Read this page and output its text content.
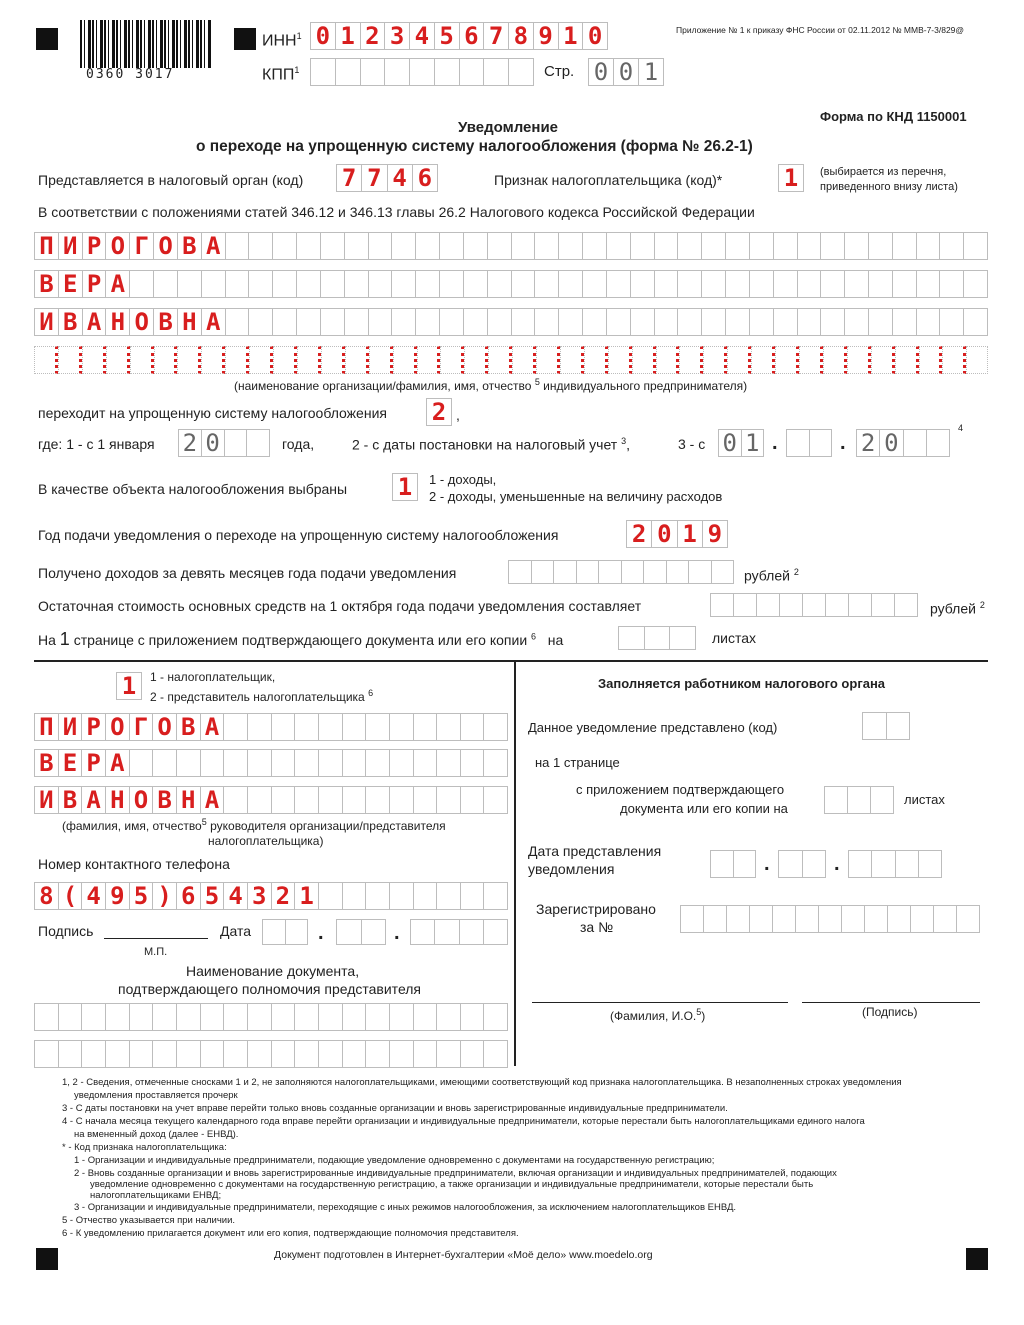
0360 3017
ИНН$^1$ 0 1 2 3 4 5 6 7 8 9 1 0
КПП$^1$	Стр. 0 0 1
Приложение № 1 к приказу ФНС России от 02.11.2012 № ММВ-7-3/829@
Форма по КНД 1150001
Уведомление
о переходе на упрощенную систему налогообложения (форма № 26.2-1)
Представляется в налоговый орган (код) 7 7 4 6	Признак налогоплательщика (код)*	1	(выбирается из перечня,
приведенного внизу листа)
В соответствии с положениями статей 346.12 и 346.13 главы 26.2 Налогового кодекса Российской Федерации
П И Р О Г О В А
В Е Р А
И В А Н О В Н А
(наименование организации/фамилия, имя, отчество $^5$ индивидуального предпринимателя)
переходит на упрощенную систему налогообложения 2 ,
где: 1 - с 1 января 2 0	года,	2 - с даты постановки на налоговый учет $^3$,	3 - с 0 1 .	. 2 0
4
В качестве объекта налогообложения выбраны 1	1 - доходы,
2 - доходы, уменьшенные на величину расходов
Год подачи уведомления о переходе на упрощенную систему налогообложения	2 0 1 9
Получено доходов за девять месяцев года подачи уведомления	рублей $^2$
Остаточная стоимость основных средств на 1 октября года подачи уведомления составляет	рублей $^2$
На 1 странице с приложением подтверждающего документа или его копии $^6$ на	листах
1	1 - налогоплательщик,
2 - представитель налогоплательщика $^6$
П И Р О Г О В А
В Е Р А
И В А Н О В Н А
(фамилия, имя, отчество$^5$ руководителя организации/представителя
налогоплательщика)
Номер контактного телефона
8 ( 4 9 5 ) 6 5 4 3 2 1
Подпись	Дата	.	.
М.П.
Наименование документа,
подтверждающего полномочия представителя
Заполняется работником налогового органа
Данное уведомление представлено (код)
на 1 странице
с приложением подтверждающего
документа или его копии на
листах
Дата представления
уведомления	.	.
Зарегистрировано
за №
(Фамилия, И.О.$^5$)	(Подпись)
1, 2 - Сведения, отмеченные сносками 1 и 2, не заполняются налогоплательщиками, имеющими соответствующий код признака налогоплательщика. В незаполненных строках уведомления
уведомления проставляется прочерк
3 - С даты постановки на учет вправе перейти только вновь созданные организации и вновь зарегистрированные индивидуальные предприниматели.
4 - С начала месяца текущего календарного года вправе перейти организации и индивидуальные предприниматели, которые перестали быть налогоплательщиками единого налога
на вмененный доход (далее - ЕНВД).
* - Код признака налогоплательщика:
1 - Организации и индивидуальные предприниматели, подающие уведомление одновременно с документами на государственную регистрацию;
2 - Вновь созданные организации и вновь зарегистрированные индивидуальные предприниматели, включая организации и индивидуальных предпринимателей, подающих
уведомление одновременно с документами на государственную регистрацию, а также организации и индивидуальные предприниматели, которые перестали быть
налогоплательщиками ЕНВД;
3 - Организации и индивидуальные предприниматели, переходящие с иных режимов налогообложения, за исключением налогоплательщиков ЕНВД.
5 - Отчество указывается при наличии.
6 - К уведомлению прилагается документ или его копия, подтверждающие полномочия представителя.
Документ подготовлен в Интернет-бухгалтерии «Моё дело» www.moedelo.org
